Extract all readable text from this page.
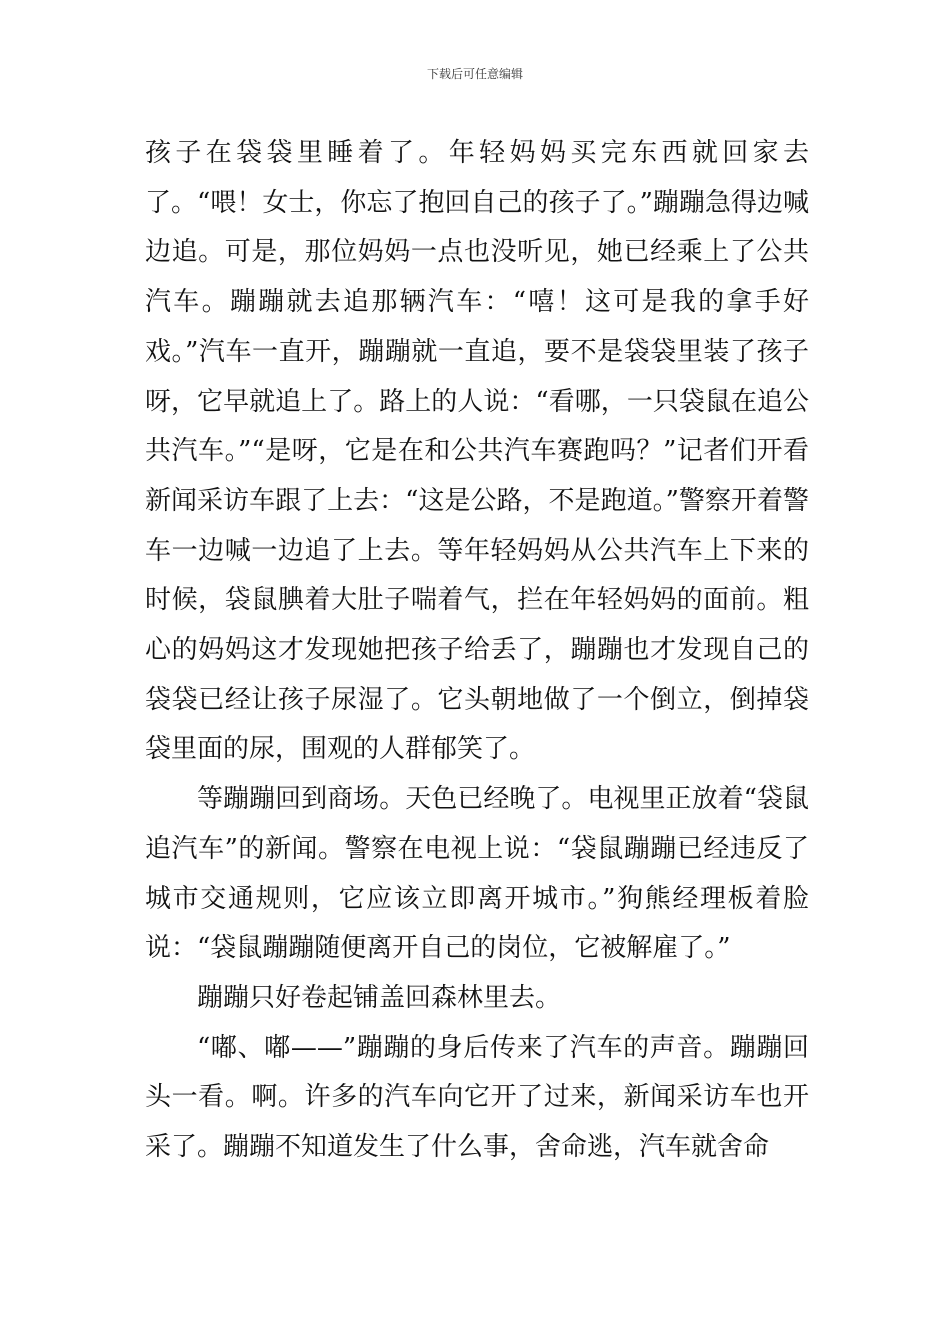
下载后可任意编辑

孩子在袋袋里睡着了。年轻妈妈买完东西就回家去了。“喂！女士，你忘了抱回自己的孩子了。”蹦蹦急得边喊边追。可是，那位妈妈一点也没听见，她已经乘上了公共汽车。蹦蹦就去追那辆汽车：“嘻！这可是我的拿手好戏。”汽车一直开，蹦蹦就一直追，要不是袋袋里装了孩子呀，它早就追上了。路上的人说：“看哪，一只袋鼠在追公共汽车。”“是呀，它是在和公共汽车赛跑吗？”记者们开看新闻采访车跟了上去：“这是公路，不是跑道。”警察开着警车一边喊一边追了上去。等年轻妈妈从公共汽车上下来的时候，袋鼠腆着大肚子喘着气，拦在年轻妈妈的面前。粗心的妈妈这才发现她把孩子给丢了，蹦蹦也才发现自己的袋袋已经让孩子尿湿了。它头朝地做了一个倒立，倒掉袋袋里面的尿，围观的人群郁笑了。

等蹦蹦回到商场。天色已经晚了。电视里正放着“袋鼠追汽车”的新闻。警察在电视上说：“袋鼠蹦蹦已经违反了城市交通规则，它应该立即离开城市。”狗熊经理板着脸说：“袋鼠蹦蹦随便离开自己的岗位，它被解雇了。”

蹦蹦只好卷起铺盖回森林里去。

“嘟、嘟——”蹦蹦的身后传来了汽车的声音。蹦蹦回头一看。啊。许多的汽车向它开了过来，新闻采访车也开采了。蹦蹦不知道发生了什么事，舍命逃，汽车就舍命
